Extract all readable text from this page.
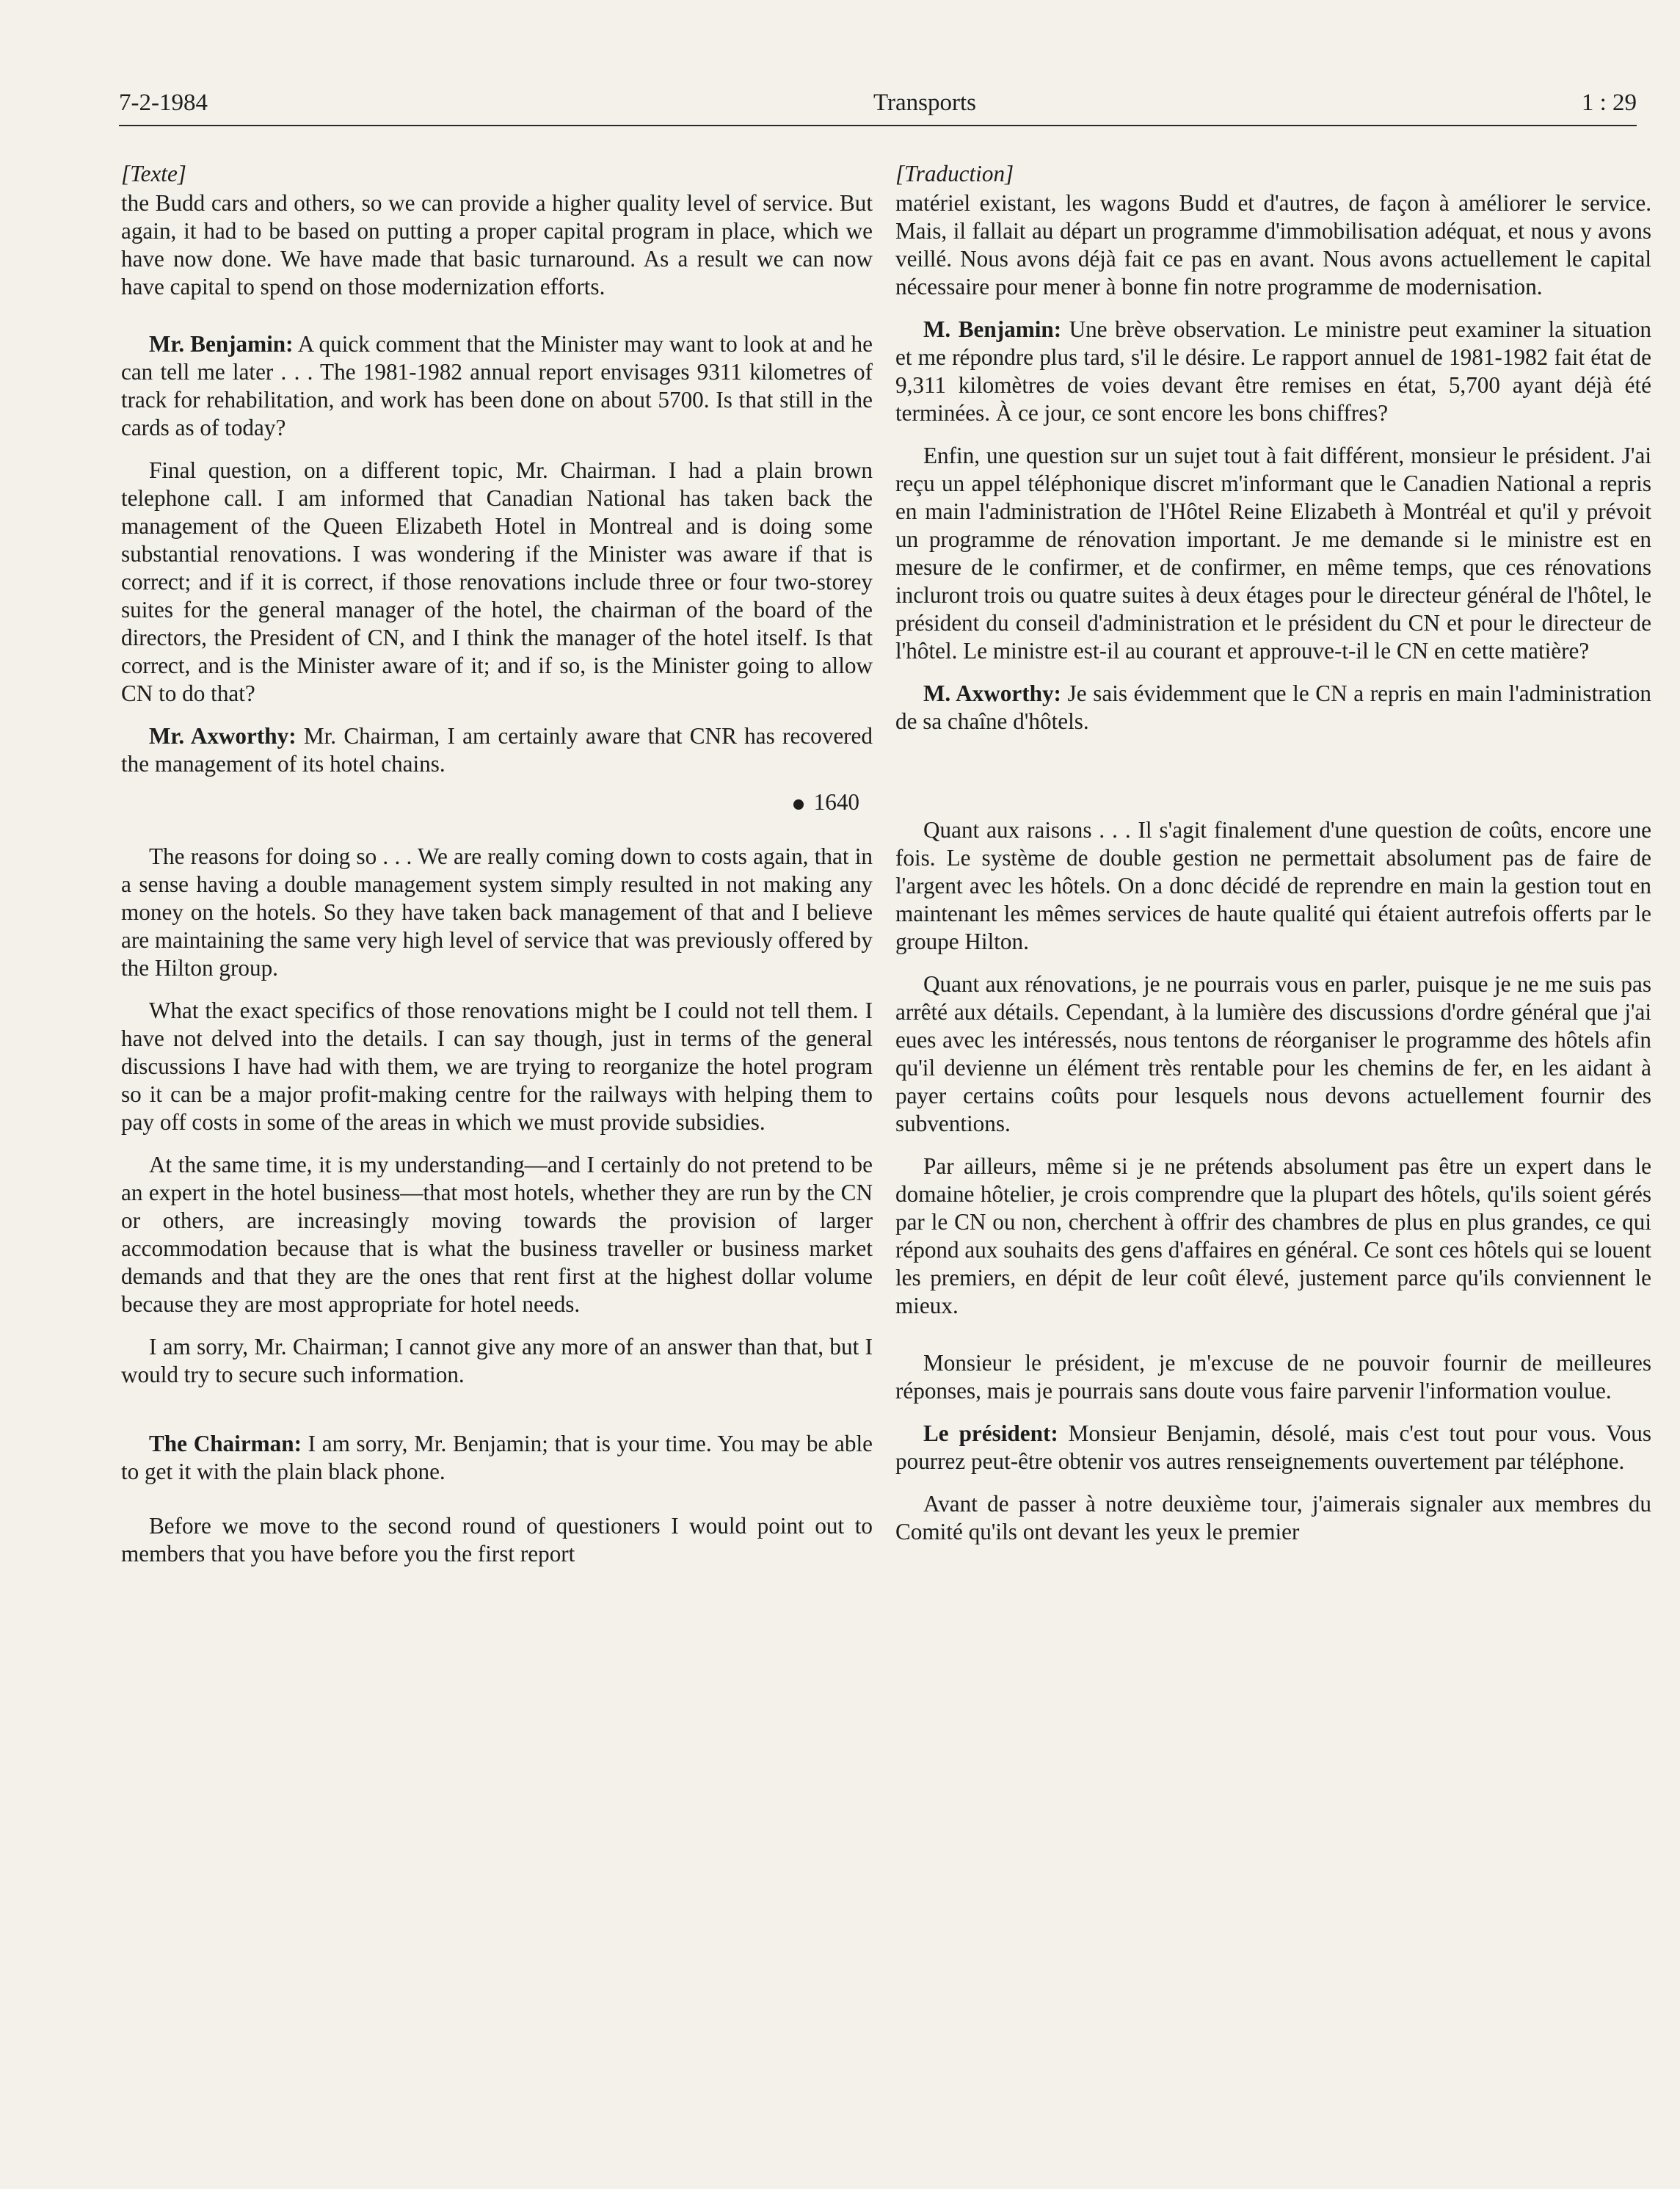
7-2-1984	Transports	1 : 29
[Texte]

the Budd cars and others, so we can provide a higher quality level of service. But again, it had to be based on putting a proper capital program in place, which we have now done. We have made that basic turnaround. As a result we can now have capital to spend on those modernization efforts.

Mr. Benjamin: A quick comment that the Minister may want to look at and he can tell me later . . . The 1981-1982 annual report envisages 9311 kilometres of track for rehabilitation, and work has been done on about 5700. Is that still in the cards as of today?

Final question, on a different topic, Mr. Chairman. I had a plain brown telephone call. I am informed that Canadian National has taken back the management of the Queen Elizabeth Hotel in Montreal and is doing some substantial renovations. I was wondering if the Minister was aware if that is correct; and if it is correct, if those renovations include three or four two-storey suites for the general manager of the hotel, the chairman of the board of the directors, the President of CN, and I think the manager of the hotel itself. Is that correct, and is the Minister aware of it; and if so, is the Minister going to allow CN to do that?

Mr. Axworthy: Mr. Chairman, I am certainly aware that CNR has recovered the management of its hotel chains.

1640

The reasons for doing so . . . We are really coming down to costs again, that in a sense having a double management system simply resulted in not making any money on the hotels. So they have taken back management of that and I believe are maintaining the same very high level of service that was previously offered by the Hilton group.

What the exact specifics of those renovations might be I could not tell them. I have not delved into the details. I can say though, just in terms of the general discussions I have had with them, we are trying to reorganize the hotel program so it can be a major profit-making centre for the railways with helping them to pay off costs in some of the areas in which we must provide subsidies.

At the same time, it is my understanding—and I certainly do not pretend to be an expert in the hotel business—that most hotels, whether they are run by the CN or others, are increasingly moving towards the provision of larger accommodation because that is what the business traveller or business market demands and that they are the ones that rent first at the highest dollar volume because they are most appropriate for hotel needs.

I am sorry, Mr. Chairman; I cannot give any more of an answer than that, but I would try to secure such information.

The Chairman: I am sorry, Mr. Benjamin; that is your time. You may be able to get it with the plain black phone.

Before we move to the second round of questioners I would point out to members that you have before you the first report

[Traduction]

matériel existant, les wagons Budd et d'autres, de façon à améliorer le service. Mais, il fallait au départ un programme d'immobilisation adéquat, et nous y avons veillé. Nous avons déjà fait ce pas en avant. Nous avons actuellement le capital nécessaire pour mener à bonne fin notre programme de modernisation.

M. Benjamin: Une brève observation. Le ministre peut examiner la situation et me répondre plus tard, s'il le désire. Le rapport annuel de 1981-1982 fait état de 9,311 kilomètres de voies devant être remises en état, 5,700 ayant déjà été terminées. À ce jour, ce sont encore les bons chiffres?

Enfin, une question sur un sujet tout à fait différent, monsieur le président. J'ai reçu un appel téléphonique discret m'informant que le Canadien National a repris en main l'administration de l'Hôtel Reine Elizabeth à Montréal et qu'il y prévoit un programme de rénovation important. Je me demande si le ministre est en mesure de le confirmer, et de confirmer, en même temps, que ces rénovations incluront trois ou quatre suites à deux étages pour le directeur général de l'hôtel, le président du conseil d'administration et le président du CN et pour le directeur de l'hôtel. Le ministre est-il au courant et approuve-t-il le CN en cette matière?

M. Axworthy: Je sais évidemment que le CN a repris en main l'administration de sa chaîne d'hôtels.

Quant aux raisons . . . Il s'agit finalement d'une question de coûts, encore une fois. Le système de double gestion ne permettait absolument pas de faire de l'argent avec les hôtels. On a donc décidé de reprendre en main la gestion tout en maintenant les mêmes services de haute qualité qui étaient autrefois offerts par le groupe Hilton.

Quant aux rénovations, je ne pourrais vous en parler, puisque je ne me suis pas arrêté aux détails. Cependant, à la lumière des discussions d'ordre général que j'ai eues avec les intéressés, nous tentons de réorganiser le programme des hôtels afin qu'il devienne un élément très rentable pour les chemins de fer, en les aidant à payer certains coûts pour lesquels nous devons actuellement fournir des subventions.

Par ailleurs, même si je ne prétends absolument pas être un expert dans le domaine hôtelier, je crois comprendre que la plupart des hôtels, qu'ils soient gérés par le CN ou non, cherchent à offrir des chambres de plus en plus grandes, ce qui répond aux souhaits des gens d'affaires en général. Ce sont ces hôtels qui se louent les premiers, en dépit de leur coût élevé, justement parce qu'ils conviennent le mieux.

Monsieur le président, je m'excuse de ne pouvoir fournir de meilleures réponses, mais je pourrais sans doute vous faire parvenir l'information voulue.

Le président: Monsieur Benjamin, désolé, mais c'est tout pour vous. Vous pourrez peut-être obtenir vos autres renseignements ouvertement par téléphone.

Avant de passer à notre deuxième tour, j'aimerais signaler aux membres du Comité qu'ils ont devant les yeux le premier
